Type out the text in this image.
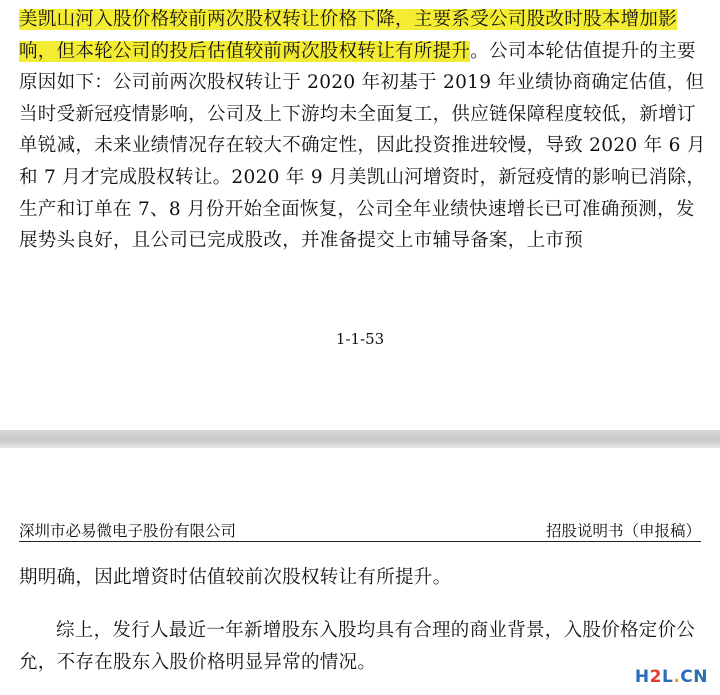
美凯山河入股价格较前两次股权转让价格下降，主要系受公司股改时股本增加影响，但本轮公司的投后估值较前两次股权转让有所提升。公司本轮估值提升的主要原因如下：公司前两次股权转让于 2020 年初基于 2019 年业绩协商确定估值，但当时受新冠疫情影响，公司及上下游均未全面复工，供应链保障程度较低，新增订单锐减，未来业绩情况存在较大不确定性，因此投资推进较慢，导致 2020 年 6 月和 7 月才完成股权转让。2020 年 9 月美凯山河增资时，新冠疫情的影响已消除，生产和订单在 7、8 月份开始全面恢复，公司全年业绩快速增长已可准确预测，发展势头良好，且公司已完成股改，并准备提交上市辅导备案，上市预

1-1-53
深圳市必易微电子股份有限公司	招股说明书（申报稿）

期明确，因此增资时估值较前次股权转让有所提升。

综上，发行人最近一年新增股东入股均具有合理的商业背景，入股价格定价公允，不存在股东入股价格明显异常的情况。

H2L.CN
